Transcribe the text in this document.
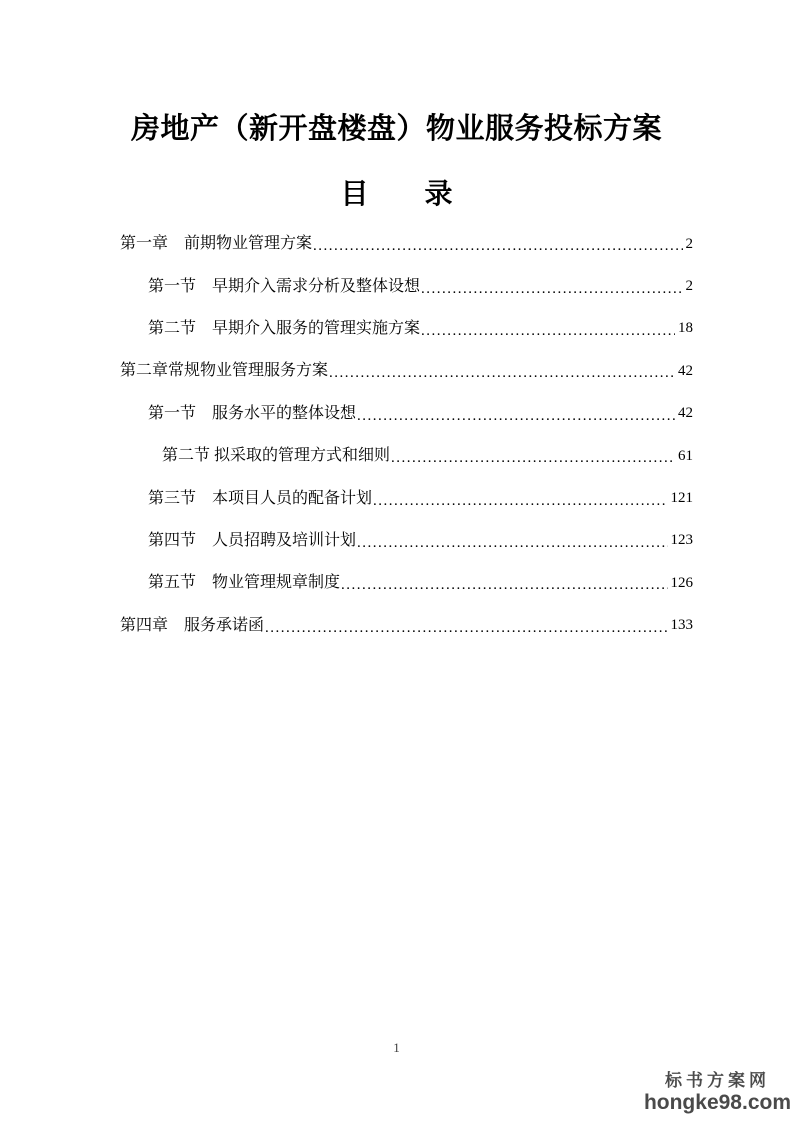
房地产（新开盘楼盘）物业服务投标方案
目　　录
第一章　前期物业管理方案 .....	2
第一节　早期介入需求分析及整体设想 .....	2
第二节　早期介入服务的管理实施方案 .....	18
第二章常规物业管理服务方案 .....	42
第一节　服务水平的整体设想 .....	42
第二节 拟采取的管理方式和细则 .....	61
第三节　本项目人员的配备计划 .....	121
第四节　人员招聘及培训计划 .....	123
第五节　物业管理规章制度 .....	126
第四章　服务承诺函 .....	133
1
标书方案网
hongke98.com
